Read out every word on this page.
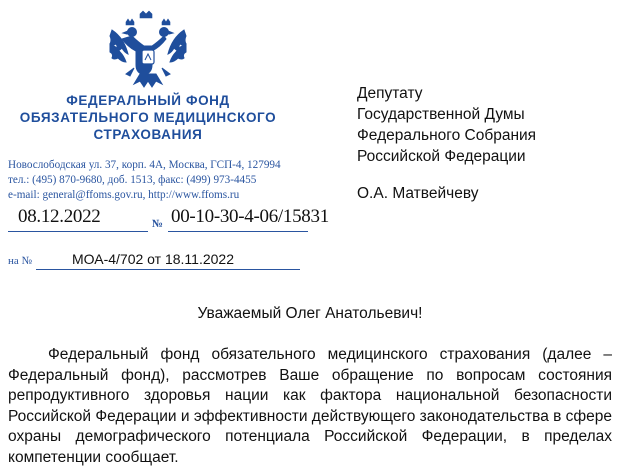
ФЕДЕРАЛЬНЫЙ ФОНД
ОБЯЗАТЕЛЬНОГО МЕДИЦИНСКОГО
СТРАХОВАНИЯ
Новослободская ул. 37, корп. 4А, Москва, ГСП-4, 127994
тел.: (495) 870-9680, доб. 1513, факс: (499) 973-4455
e-mail: general@ffoms.gov.ru, http://www.ffoms.ru
08.12.2022	№ 00-10-30-4-06/15831
на №	МОА-4/702 от 18.11.2022
Депутату
Государственной Думы
Федерального Собрания
Российской Федерации
О.А. Матвейчеву
Уважаемый Олег Анатольевич!
Федеральный фонд обязательного медицинского страхования (далее –
Федеральный фонд), рассмотрев Ваше обращение по вопросам состояния
репродуктивного здоровья нации как фактора национальной безопасности
Российской Федерации и эффективности действующего законодательства в сфере
охраны демографического потенциала Российской Федерации, в пределах
компетенции сообщает.
